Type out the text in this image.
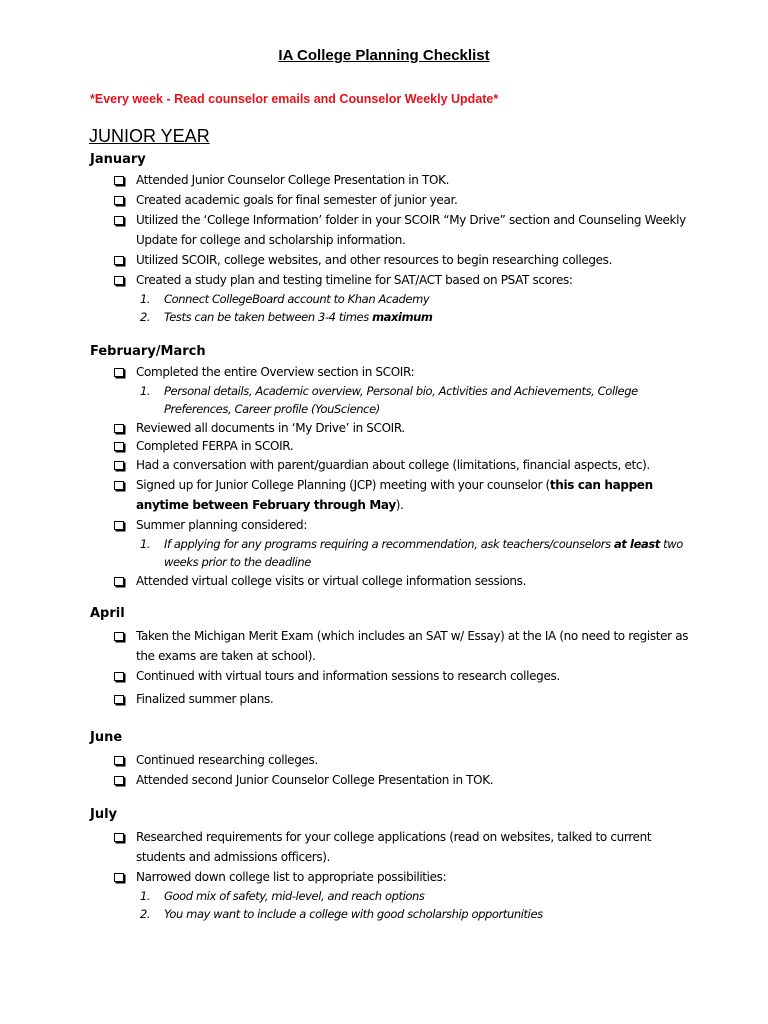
IA College Planning Checklist
*Every week - Read counselor emails and Counselor Weekly Update*
JUNIOR YEAR
January
Attended Junior Counselor College Presentation in TOK.
Created academic goals for final semester of junior year.
Utilized the ‘College Information’ folder in your SCOIR “My Drive” section and Counseling Weekly Update for college and scholarship information.
Utilized SCOIR, college websites, and other resources to begin researching colleges.
Created a study plan and testing timeline for SAT/ACT based on PSAT scores:
1.	Connect CollegeBoard account to Khan Academy
2.	Tests can be taken between 3-4 times maximum
February/March
Completed the entire Overview section in SCOIR:
1.	Personal details, Academic overview, Personal bio, Activities and Achievements, College Preferences, Career profile (YouScience)
Reviewed all documents in ‘My Drive’ in SCOIR.
Completed FERPA in SCOIR.
Had a conversation with parent/guardian about college (limitations, financial aspects, etc).
Signed up for Junior College Planning (JCP) meeting with your counselor (this can happen anytime between February through May).
Summer planning considered:
1.	If applying for any programs requiring a recommendation, ask teachers/counselors at least two weeks prior to the deadline
Attended virtual college visits or virtual college information sessions.
April
Taken the Michigan Merit Exam (which includes an SAT w/ Essay) at the IA (no need to register as the exams are taken at school).
Continued with virtual tours and information sessions to research colleges.
Finalized summer plans.
June
Continued researching colleges.
Attended second Junior Counselor College Presentation in TOK.
July
Researched requirements for your college applications (read on websites, talked to current students and admissions officers).
Narrowed down college list to appropriate possibilities:
1.	Good mix of safety, mid-level, and reach options
2.	You may want to include a college with good scholarship opportunities
